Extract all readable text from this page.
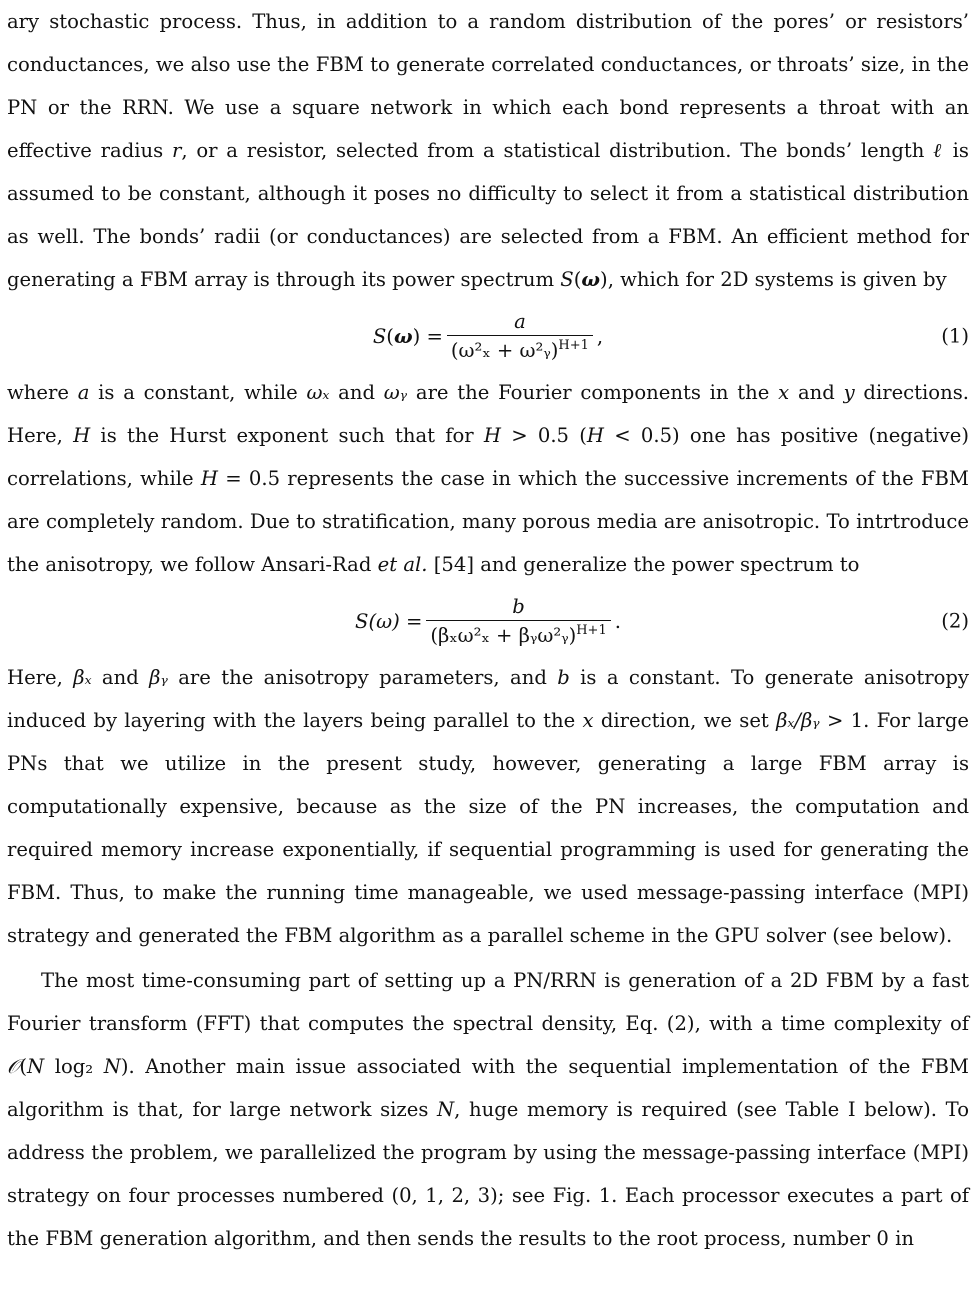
ary stochastic process. Thus, in addition to a random distribution of the pores’ or resistors’ conductances, we also use the FBM to generate correlated conductances, or throats’ size, in the PN or the RRN. We use a square network in which each bond represents a throat with an effective radius r, or a resistor, selected from a statistical distribution. The bonds’ length ℓ is assumed to be constant, although it poses no difficulty to select it from a statistical distribution as well. The bonds’ radii (or conductances) are selected from a FBM. An efficient method for generating a FBM array is through its power spectrum S(ω), which for 2D systems is given by

$S(\omega) = \frac{a}{(\omega^2_x + \omega^2ᵧ)^{H+1}}$ ,	(1)

where a is a constant, while ωₓ and ωᵧ are the Fourier components in the x and y directions. Here, H is the Hurst exponent such that for H > 0.5 (H < 0.5) one has positive (negative) correlations, while H = 0.5 represents the case in which the successive increments of the FBM are completely random. Due to stratification, many porous media are anisotropic. To intrtroduce the anisotropy, we follow Ansari-Rad et al. [54] and generalize the power spectrum to

$S(\omega) = \frac{b}{(\beta_x\omega^2_x + \beta ᵧ\omega^2ᵧ)^{H+1}}$ .	(2)

Here, βₓ and βᵧ are the anisotropy parameters, and b is a constant. To generate anisotropy induced by layering with the layers being parallel to the x direction, we set βₓ/βᵧ > 1. For large PNs that we utilize in the present study, however, generating a large FBM array is computationally expensive, because as the size of the PN increases, the computation and required memory increase exponentially, if sequential programming is used for generating the FBM. Thus, to make the running time manageable, we used message-passing interface (MPI) strategy and generated the FBM algorithm as a parallel scheme in the GPU solver (see below).

The most time-consuming part of setting up a PN/RRN is generation of a 2D FBM by a fast Fourier transform (FFT) that computes the spectral density, Eq. (2), with a time complexity of 𝒪(N log₂ N). Another main issue associated with the sequential implementation of the FBM algorithm is that, for large network sizes N, huge memory is required (see Table I below). To address the problem, we parallelized the program by using the message-passing interface (MPI) strategy on four processes numbered (0, 1, 2, 3); see Fig. 1. Each processor executes a part of the FBM generation algorithm, and then sends the results to the root process, number 0 in
